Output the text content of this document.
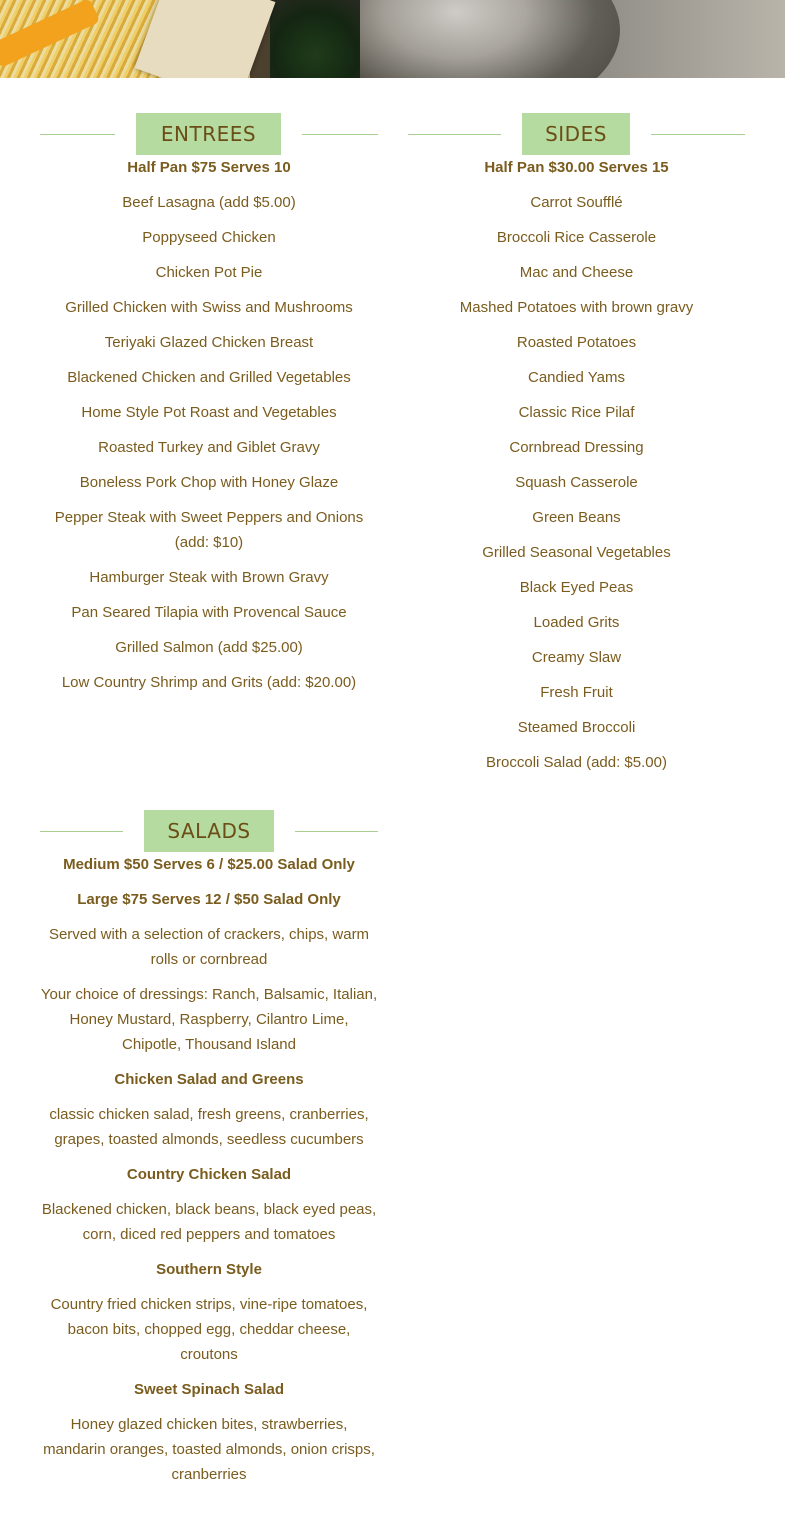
ENTREES
Half Pan $75 Serves 10
Beef Lasagna (add $5.00)
Poppyseed Chicken
Chicken Pot Pie
Grilled Chicken with Swiss and Mushrooms
Teriyaki Glazed Chicken Breast
Blackened Chicken and Grilled Vegetables
Home Style Pot Roast and Vegetables
Roasted Turkey and Giblet Gravy
Boneless Pork Chop with Honey Glaze
Pepper Steak with Sweet Peppers and Onions (add: $10)
Hamburger Steak with Brown Gravy
Pan Seared Tilapia with Provencal Sauce
Grilled Salmon (add $25.00)
Low Country Shrimp and Grits (add: $20.00)
SIDES
Half Pan $30.00 Serves 15
Carrot Soufflé
Broccoli Rice Casserole
Mac and Cheese
Mashed Potatoes with brown gravy
Roasted Potatoes
Candied Yams
Classic Rice Pilaf
Cornbread Dressing
Squash Casserole
Green Beans
Grilled Seasonal Vegetables
Black Eyed Peas
Loaded Grits
Creamy Slaw
Fresh Fruit
Steamed Broccoli
Broccoli Salad (add: $5.00)
SALADS
Medium $50 Serves 6 / $25.00 Salad Only
Large $75 Serves 12 / $50 Salad Only
Served with a selection of crackers, chips, warm rolls or cornbread
Your choice of dressings: Ranch, Balsamic, Italian, Honey Mustard, Raspberry, Cilantro Lime, Chipotle, Thousand Island
Chicken Salad and Greens
classic chicken salad, fresh greens, cranberries, grapes, toasted almonds, seedless cucumbers
Country Chicken Salad
Blackened chicken, black beans, black eyed peas, corn, diced red peppers and tomatoes
Southern Style
Country fried chicken strips, vine-ripe tomatoes, bacon bits, chopped egg, cheddar cheese, croutons
Sweet Spinach Salad
Honey glazed chicken bites, strawberries, mandarin oranges, toasted almonds, onion crisps, cranberries
